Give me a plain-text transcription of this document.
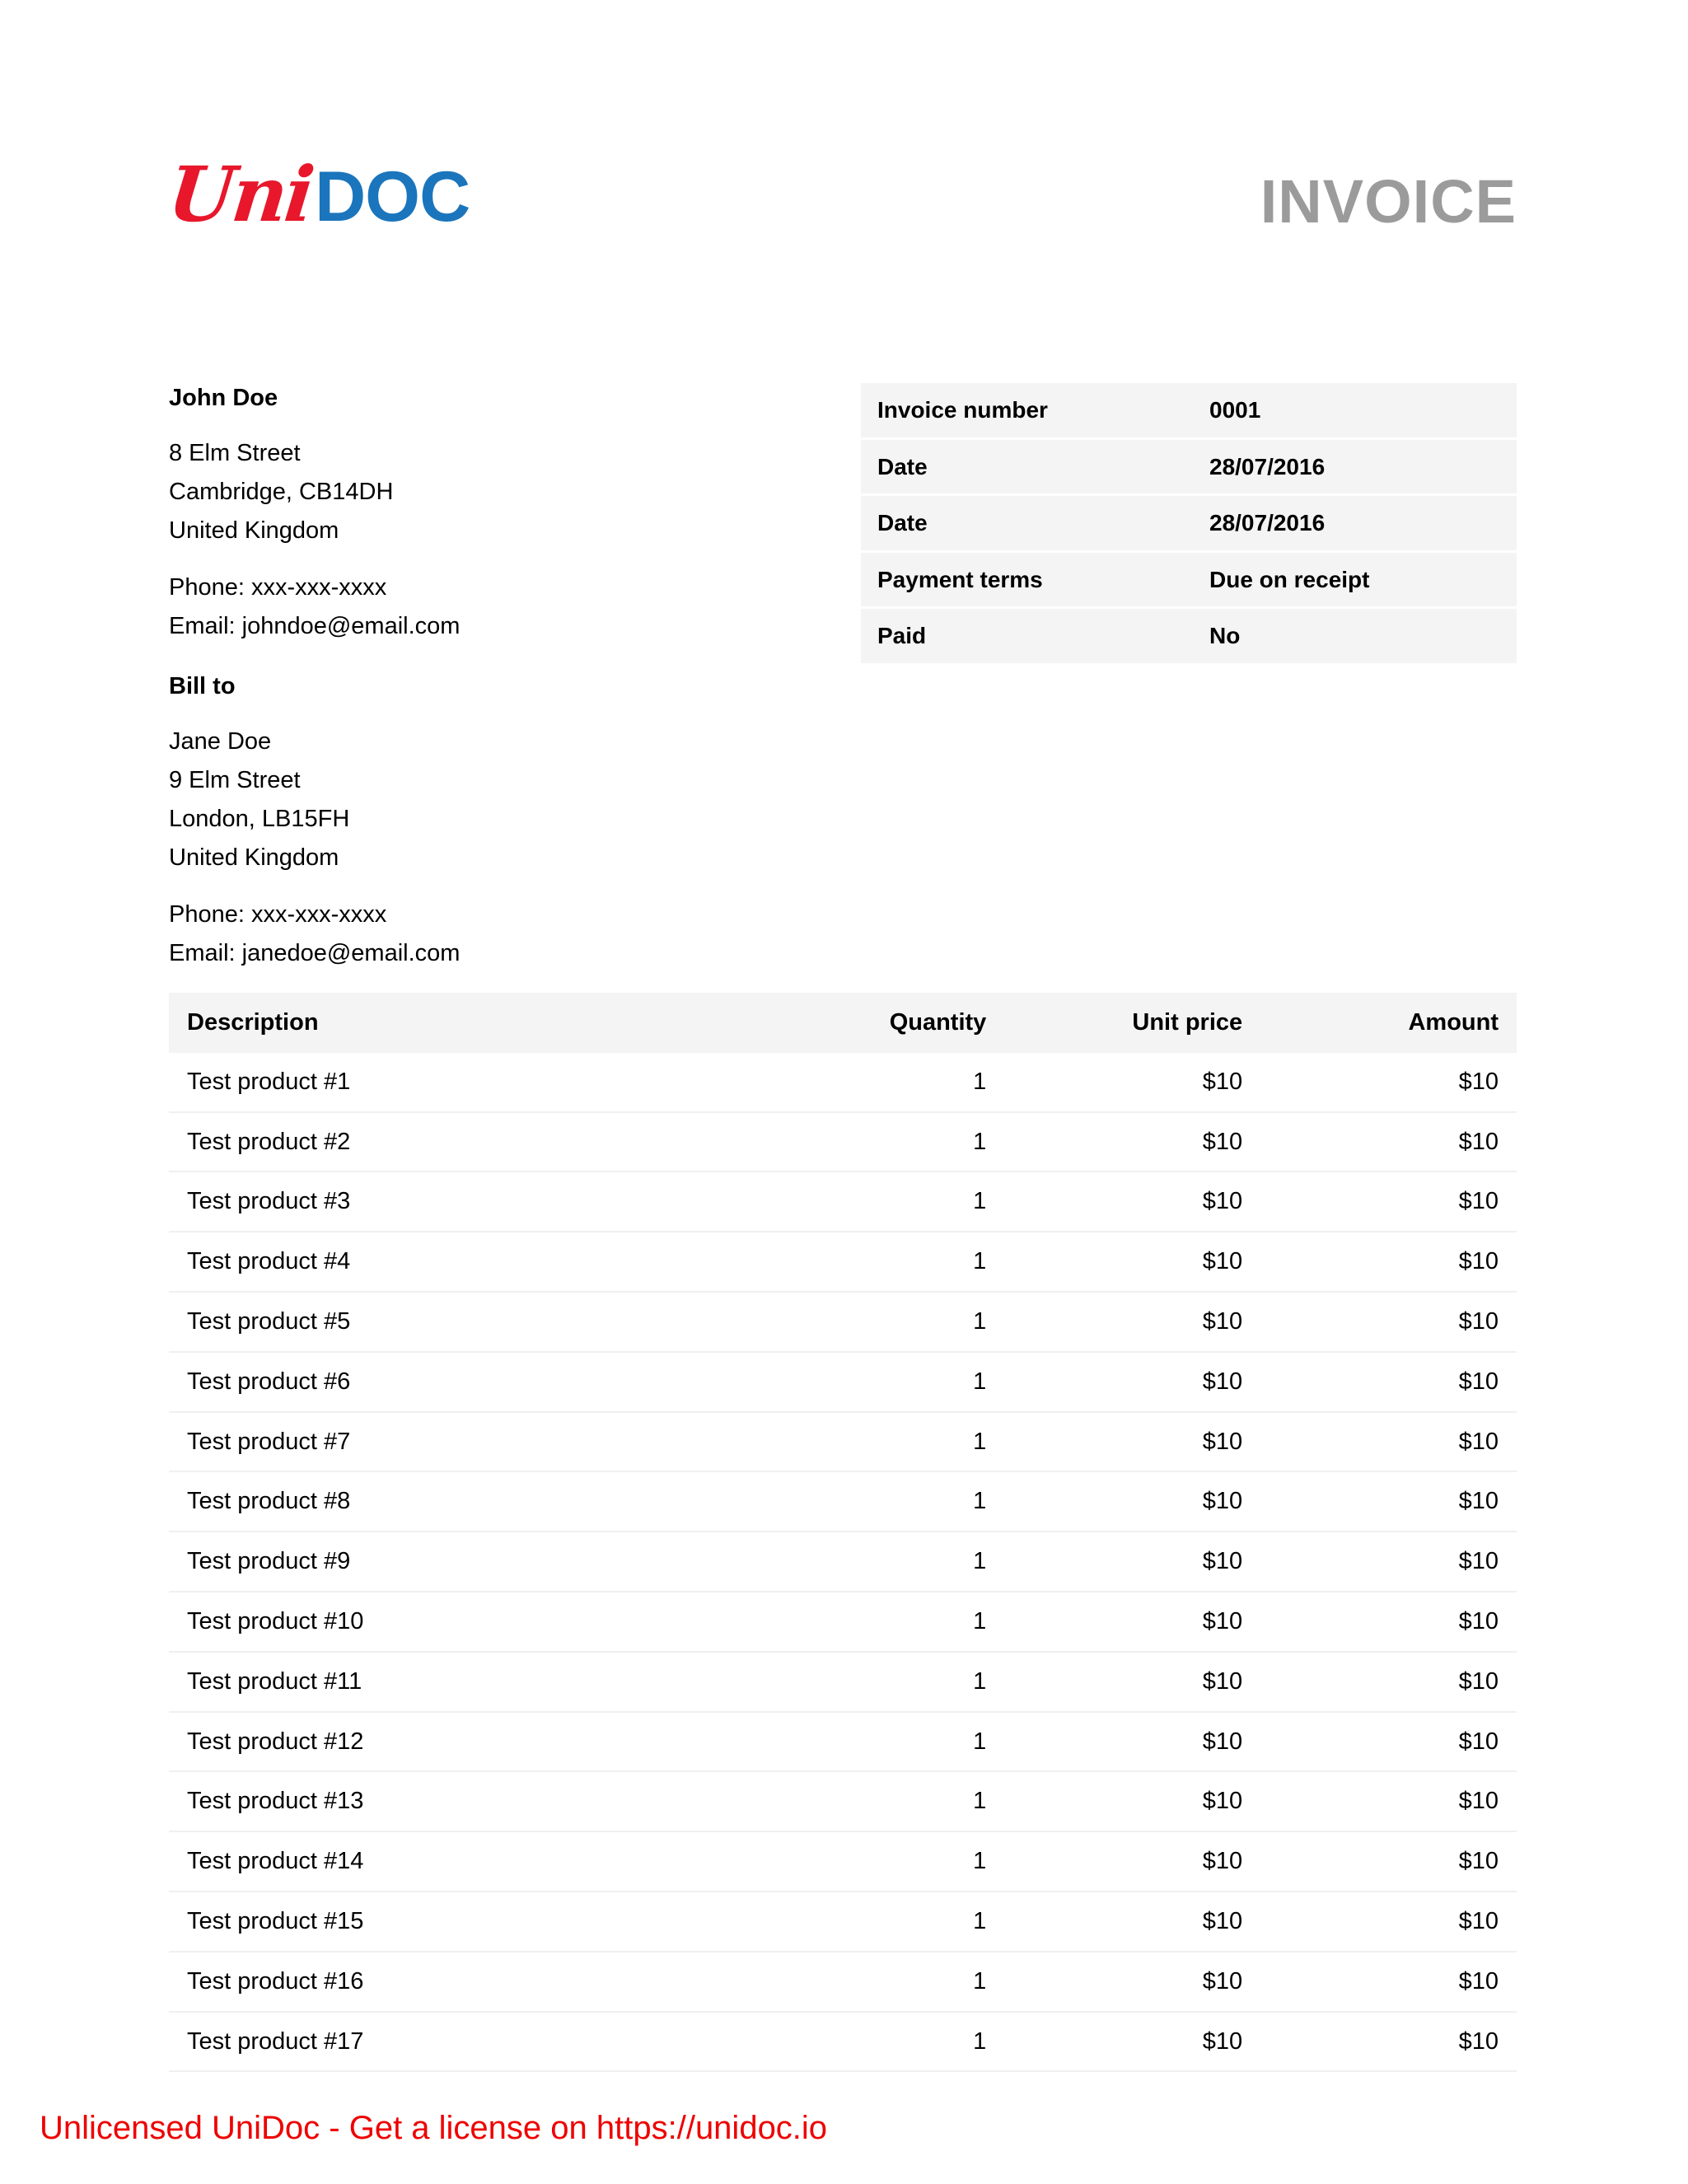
Uni
DOC	INVOICE
John Doe
8 Elm Street
Cambridge, CB14DH
United Kingdom
Phone: xxx-xxx-xxxx
Email: johndoe@email.com
Bill to
Jane Doe
9 Elm Street
London, LB15FH
United Kingdom
Phone: xxx-xxx-xxxx
Email: janedoe@email.com
Invoice number	0001
Date	28/07/2016
Date	28/07/2016
Payment terms	Due on receipt
Paid	No
Description	Quantity	Unit price	Amount
Test product #1	1	$10	$10
Test product #2	1	$10	$10
Test product #3	1	$10	$10
Test product #4	1	$10	$10
Test product #5	1	$10	$10
Test product #6	1	$10	$10
Test product #7	1	$10	$10
Test product #8	1	$10	$10
Test product #9	1	$10	$10
Test product #10	1	$10	$10
Test product #11	1	$10	$10
Test product #12	1	$10	$10
Test product #13	1	$10	$10
Test product #14	1	$10	$10
Test product #15	1	$10	$10
Test product #16	1	$10	$10
Test product #17	1	$10	$10
Unlicensed UniDoc - Get a license on https://unidoc.io
